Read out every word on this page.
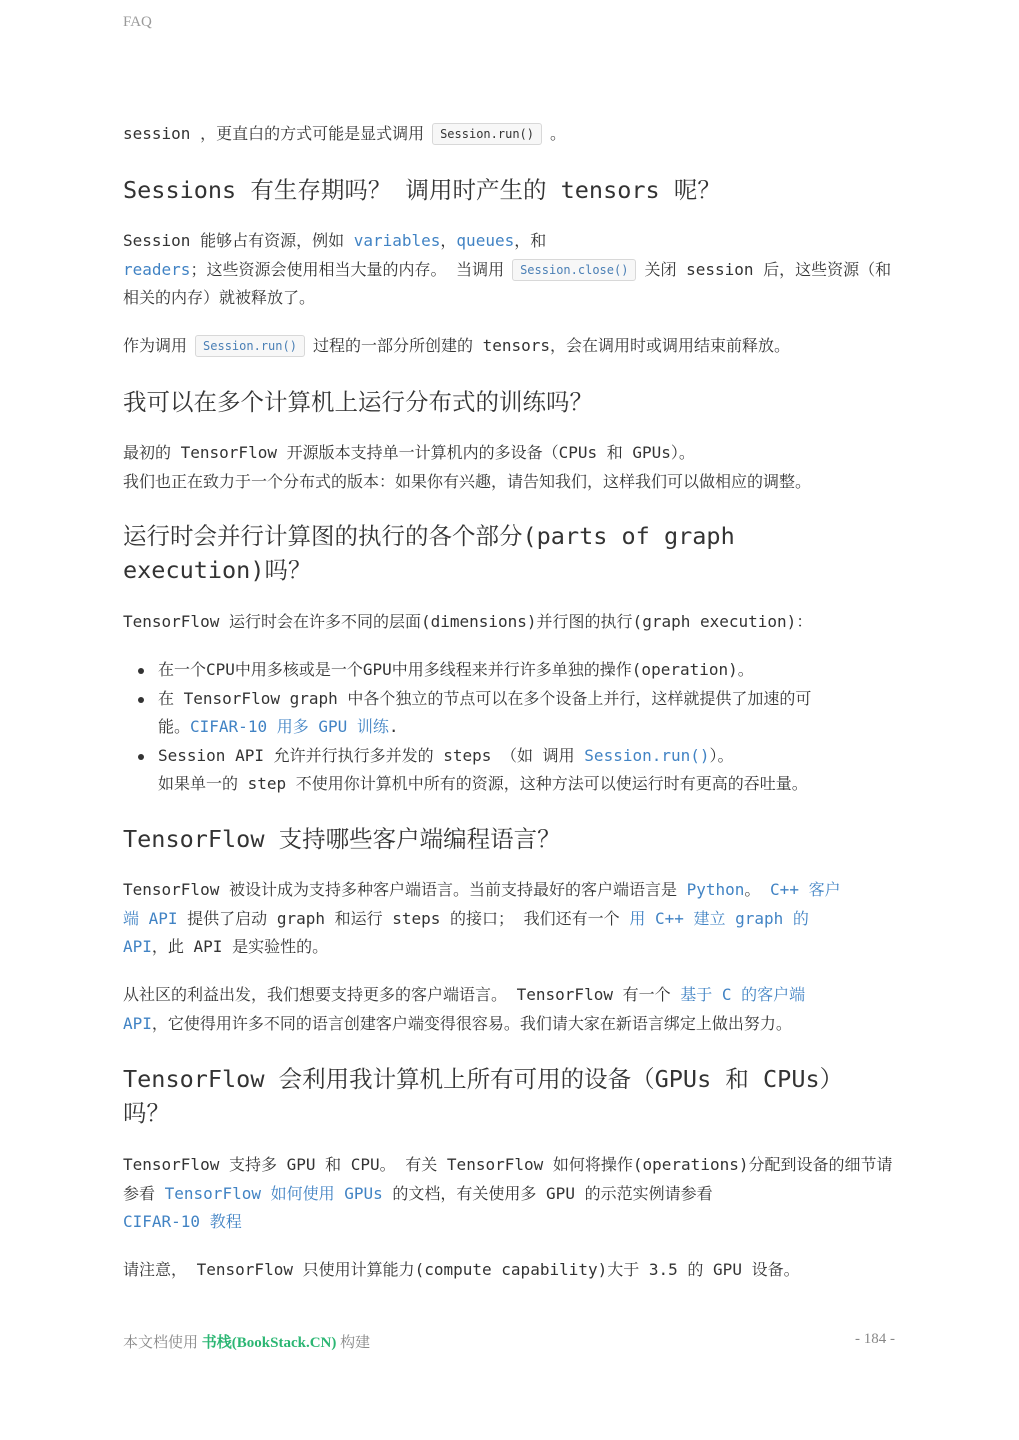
FAQ

session ，更直白的方式可能是显式调用 Session.run() 。

Sessions 有生存期吗？ 调用时产生的 tensors 呢？

Session 能够占有资源，例如 variables，queues，和
readers；这些资源会使用相当大量的内存。 当调用 Session.close() 关闭 session 后，这些资源（和相关的内存）就被释放了。

作为调用 Session.run() 过程的一部分所创建的 tensors，会在调用时或调用结束前释放。

我可以在多个计算机上运行分布式的训练吗？

最初的 TensorFlow 开源版本支持单一计算机内的多设备（CPUs 和 GPUs）。
我们也正在致力于一个分布式的版本：如果你有兴趣，请告知我们，这样我们可以做相应的调整。

运行时会并行计算图的执行的各个部分(parts of graph
execution)吗？

TensorFlow 运行时会在许多不同的层面(dimensions)并行图的执行(graph execution)：

在一个CPU中用多核或是一个GPU中用多线程来并行许多单独的操作(operation)。
在 TensorFlow graph 中各个独立的节点可以在多个设备上并行，这样就提供了加速的可
能。CIFAR-10 用多 GPU 训练.
Session API 允许并行执行多并发的 steps （如 调用 Session.run()）。
如果单一的 step 不使用你计算机中所有的资源，这种方法可以使运行时有更高的吞吐量。
TensorFlow 支持哪些客户端编程语言？

TensorFlow 被设计成为支持多种客户端语言。当前支持最好的客户端语言是 Python。 C++ 客户
端 API 提供了启动 graph 和运行 steps 的接口； 我们还有一个 用 C++ 建立 graph 的
API，此 API 是实验性的。

从社区的利益出发，我们想要支持更多的客户端语言。 TensorFlow 有一个 基于 C 的客户端
API，它使得用许多不同的语言创建客户端变得很容易。我们请大家在新语言绑定上做出努力。

TensorFlow 会利用我计算机上所有可用的设备（GPUs 和 CPUs）
吗？

TensorFlow 支持多 GPU 和 CPU。 有关 TensorFlow 如何将操作(operations)分配到设备的细节请参看 TensorFlow 如何使用 GPUs 的文档，有关使用多 GPU 的示范实例请参看
CIFAR-10 教程

请注意， TensorFlow 只使用计算能力(compute capability)大于 3.5 的 GPU 设备。

本文档使用 书栈(BookStack.CN) 构建	- 184 -
